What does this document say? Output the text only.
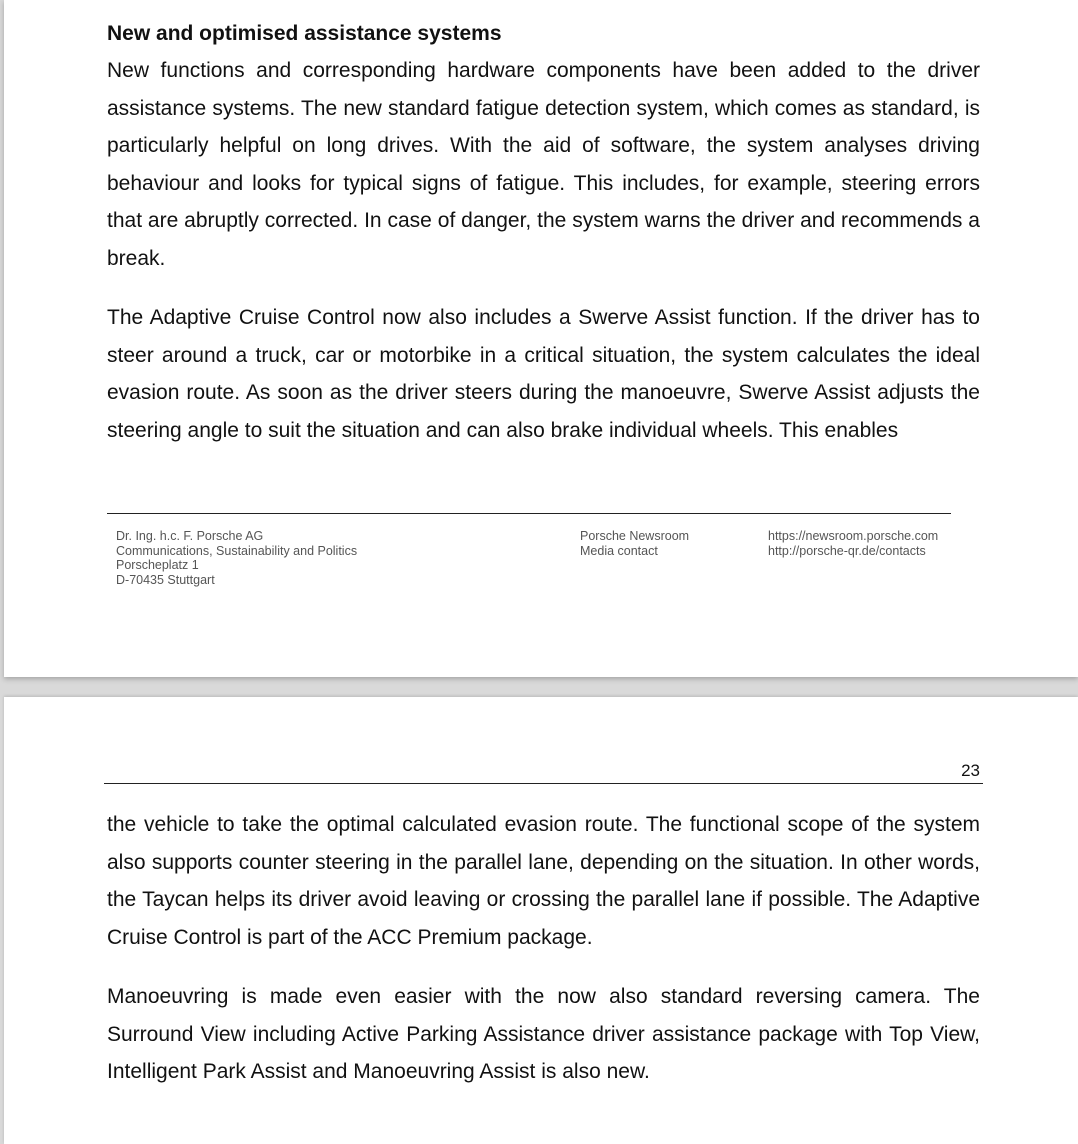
New and optimised assistance systems

New functions and corresponding hardware components have been added to the driver assistance systems. The new standard fatigue detection system, which comes as standard, is particularly helpful on long drives. With the aid of software, the system analyses driving behaviour and looks for typical signs of fatigue. This includes, for example, steering errors that are abruptly corrected. In case of danger, the system warns the driver and recommends a break.

The Adaptive Cruise Control now also includes a Swerve Assist function. If the driver has to steer around a truck, car or motorbike in a critical situation, the system calculates the ideal evasion route. As soon as the driver steers during the manoeuvre, Swerve Assist adjusts the steering angle to suit the situation and can also brake individual wheels. This enables

Dr. Ing. h.c. F. Porsche AG
Communications, Sustainability and Politics
Porscheplatz 1
D-70435 Stuttgart
Porsche Newsroom
Media contact
https://newsroom.porsche.com
http://porsche-qr.de/contacts
23

the vehicle to take the optimal calculated evasion route. The functional scope of the system also supports counter steering in the parallel lane, depending on the situation. In other words, the Taycan helps its driver avoid leaving or crossing the parallel lane if possible. The Adaptive Cruise Control is part of the ACC Premium package.

Manoeuvring is made even easier with the now also standard reversing camera. The Surround View including Active Parking Assistance driver assistance package with Top View, Intelligent Park Assist and Manoeuvring Assist is also new.
